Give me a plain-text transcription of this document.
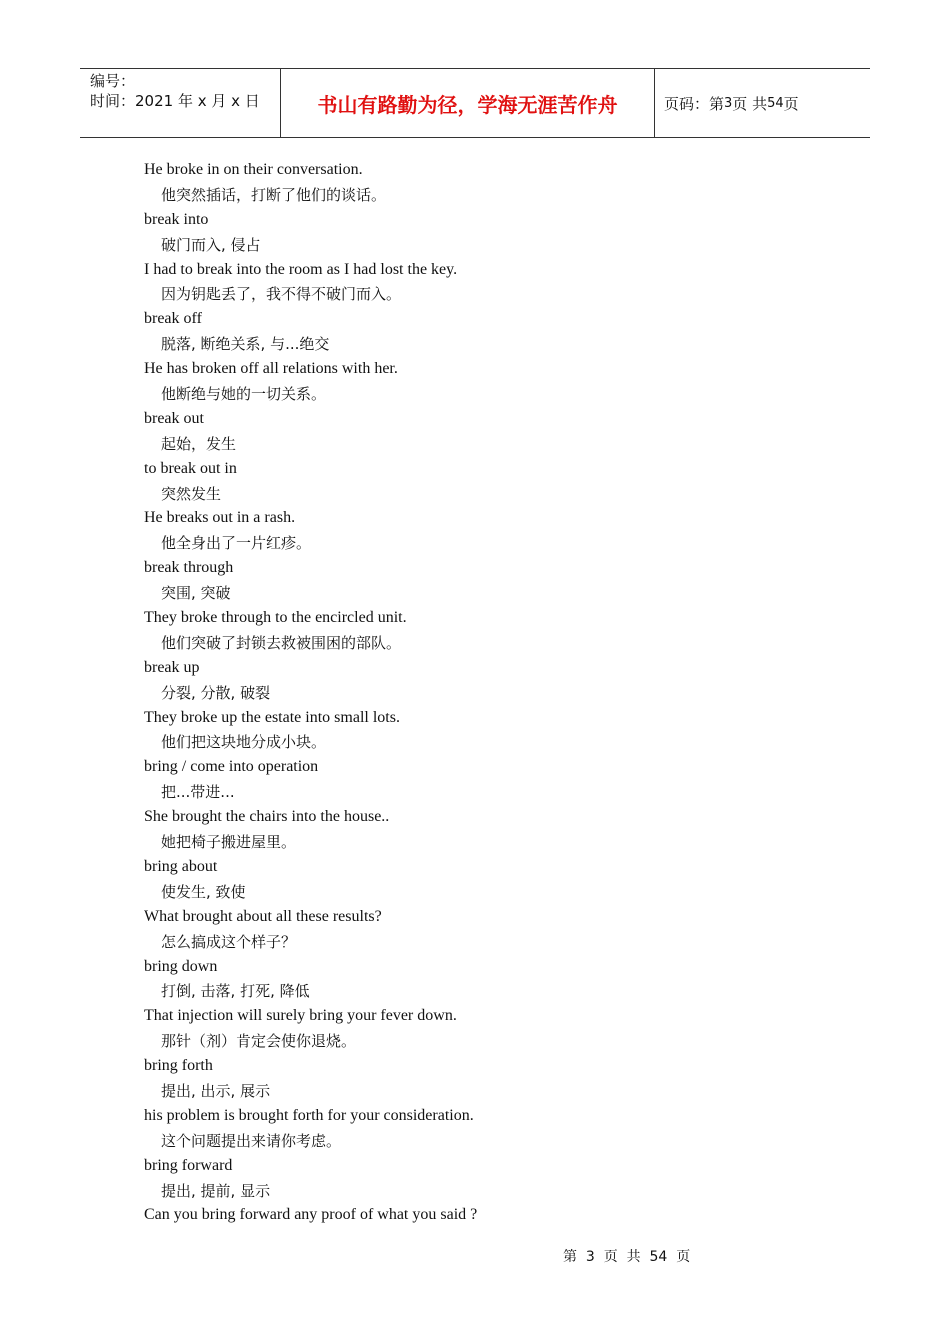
编号：
时间：2021 年 x 月 x 日	书山有路勤为径，学海无涯苦作舟	页码：第 3 页 共 54 页
He broke in on their conversation.
他突然插话，打断了他们的谈话。
break into
破门而入, 侵占
I had to break into the room as I had lost the key.
因为钥匙丢了，我不得不破门而入。
break off
脱落, 断绝关系, 与...绝交
He has broken off all relations with her.
他断绝与她的一切关系。
break out
起始，发生
to break out in
突然发生
He breaks out in a rash.
他全身出了一片红疹。
break through
突围, 突破
They broke through to the encircled unit.
他们突破了封锁去救被围困的部队。
break up
分裂, 分散, 破裂
They broke up the estate into small lots.
他们把这块地分成小块。
bring / come into operation
把...带进...
She brought the chairs into the house..
她把椅子搬进屋里。
bring about
使发生, 致使
What brought about all these results?
怎么搞成这个样子？
bring down
打倒, 击落, 打死, 降低
That injection will surely bring your fever down.
那针（剂）肯定会使你退烧。
bring forth
提出, 出示, 展示
his problem is brought forth for your consideration.
这个问题提出来请你考虑。
bring forward
提出, 提前, 显示
Can you bring forward any proof of what you said ?
第  3  页  共  54  页
